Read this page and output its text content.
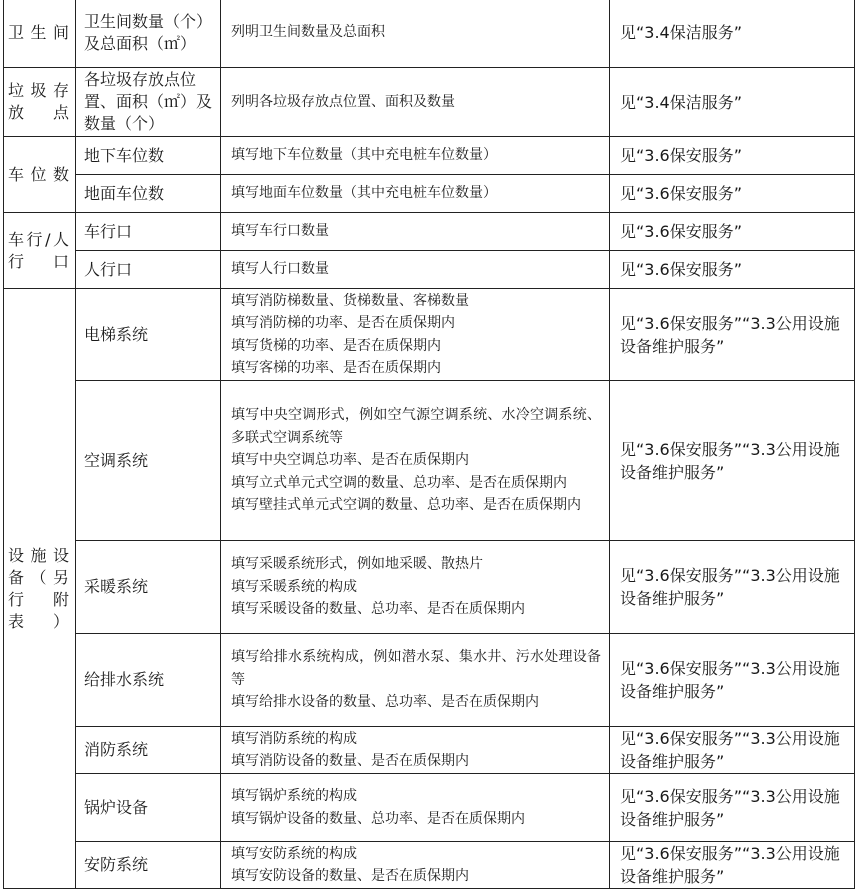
卫生间	卫生间数量（个）及总面积（㎡）	列明卫生间数量及总面积	见“3.4保洁服务”
垃圾存放点	各垃圾存放点位置、面积（㎡）及数量（个）	列明各垃圾存放点位置、面积及数量	见“3.4保洁服务”
车位数	地下车位数	填写地下车位数量（其中充电桩车位数量）	见“3.6保安服务”
	地面车位数	填写地面车位数量（其中充电桩车位数量）	见“3.6保安服务”
车行/人行口	车行口	填写车行口数量	见“3.6保安服务”
	人行口	填写人行口数量	见“3.6保安服务”
设施设备（另行附表）	电梯系统	填写消防梯数量、货梯数量、客梯数量
填写消防梯的功率、是否在质保期内
填写货梯的功率、是否在质保期内
填写客梯的功率、是否在质保期内	见“3.6保安服务”“3.3公用设施设备维护服务”
	空调系统	填写中央空调形式，例如空气源空调系统、水冷空调系统、多联式空调系统等
填写中央空调总功率、是否在质保期内
填写立式单元式空调的数量、总功率、是否在质保期内
填写壁挂式单元式空调的数量、总功率、是否在质保期内	见“3.6保安服务”“3.3公用设施设备维护服务”
	采暖系统	填写采暖系统形式，例如地采暖、散热片
填写采暖系统的构成
填写采暖设备的数量、总功率、是否在质保期内	见“3.6保安服务”“3.3公用设施设备维护服务”
	给排水系统	填写给排水系统构成，例如潜水泵、集水井、污水处理设备等
填写给排水设备的数量、总功率、是否在质保期内	见“3.6保安服务”“3.3公用设施设备维护服务”
	消防系统	填写消防系统的构成
填写消防设备的数量、是否在质保期内	见“3.6保安服务”“3.3公用设施设备维护服务”
	锅炉设备	填写锅炉系统的构成
填写锅炉设备的数量、总功率、是否在质保期内	见“3.6保安服务”“3.3公用设施设备维护服务”
	安防系统	填写安防系统的构成
填写安防设备的数量、是否在质保期内	见“3.6保安服务”“3.3公用设施设备维护服务”
